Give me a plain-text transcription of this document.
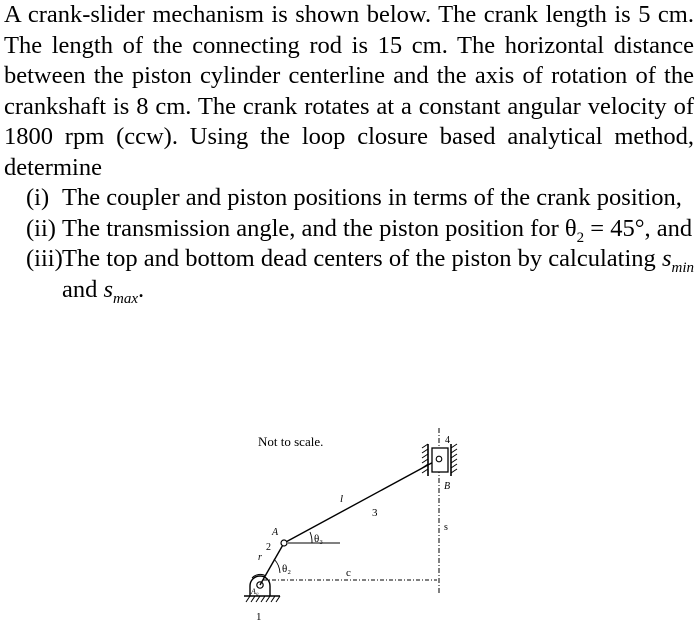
A crank-slider mechanism is shown below. The crank length is 5 cm. The length of the connecting rod is 15 cm. The horizontal distance between the piston cylinder centerline and the axis of rotation of the crankshaft is 8 cm. The crank rotates at a constant angular velocity of 1800 rpm (ccw). Using the loop closure based analytical method, determine

(i) The coupler and piston positions in terms of the crank position,

(ii) The transmission angle, and the piston position for $\theta_2 = 45^\circ$, and

(iii) The top and bottom dead centers of the piston by calculating $s_{min}$ and $s_{max}$.

Not to scale.	4
B
l
3
s
A
θ₃
2
r
θ₂	c
A₀
1
